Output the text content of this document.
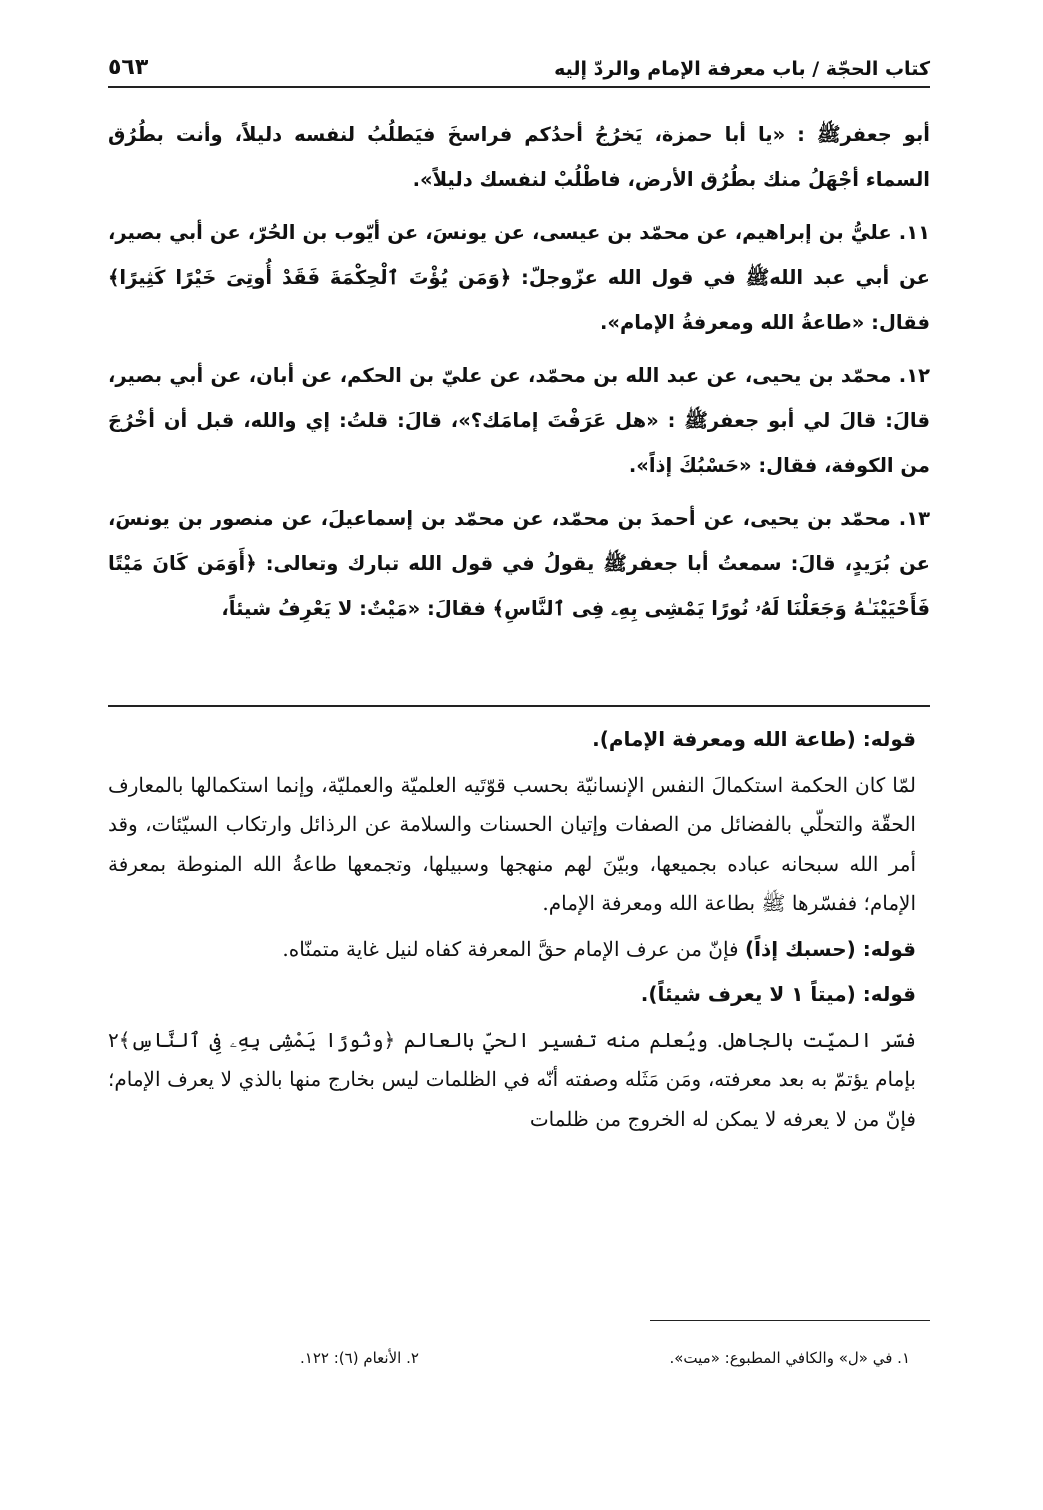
كتاب الحجّة / باب معرفة الإمام والردّ إليه
٥٦٣

أبو جعفرﷺ : «يا أبا حمزة، يَخرُجُ أحدُكم فراسخَ فيَطلُبُ لنفسه دليلاً، وأنت بطُرُق السماء أجْهَلُ منك بطُرُق الأرض، فاطْلُبْ لنفسك دليلاً».

١١. عليُّ بن إبراهيم، عن محمّد بن عيسى، عن يونسَ، عن أيّوب بن الحُرّ، عن أبي بصير، عن أبي عبد اللهﷺ في قول الله عزّوجلّ: ﴿وَمَن يُؤْتَ ٱلْحِكْمَةَ فَقَدْ أُوتِىَ خَيْرًا كَثِيرًا﴾ فقال: «طاعةُ الله ومعرفةُ الإمام».

١٢. محمّد بن يحيى، عن عبد الله بن محمّد، عن عليّ بن الحكم، عن أبان، عن أبي بصير، قالَ: قالَ لي أبو جعفرﷺ : «هل عَرَفْتَ إمامَك؟»، قالَ: قلتُ: إي والله، قبل أن أخْرُجَ من الكوفة، فقال: «حَسْبُكَ إذاً».

١٣. محمّد بن يحيى، عن أحمدَ بن محمّد، عن محمّد بن إسماعيلَ، عن منصور بن يونسَ، عن بُرَيدٍ، قالَ: سمعتُ أبا جعفرﷺ يقولُ في قول الله تبارك وتعالى: ﴿أَوَمَن كَانَ مَيْتًا فَأَحْيَيْنَـٰهُ وَجَعَلْنَا لَهُۥ نُورًا يَمْشِى بِهِۦ فِى ٱلنَّاسِ﴾ فقالَ: «مَيْتٌ: لا يَعْرِفُ شيئاً،

قوله: (طاعة الله ومعرفة الإمام).

لمّا كان الحكمة استكمالَ النفس الإنسانيّة بحسب قوّتَيه العلميّة والعمليّة، وإنما استكمالها بالمعارف الحقّة والتحلّي بالفضائل من الصفات وإتيان الحسنات والسلامة عن الرذائل وارتكاب السيّئات، وقد أمر الله سبحانه عباده بجميعها، وبيّنَ لهم منهجها وسبيلها، وتجمعها طاعةُ الله المنوطة بمعرفة الإمام؛ ففسّرها ﷺ بطاعة الله ومعرفة الإمام.

قوله: (حسبك إذاً) فإنّ من عرف الإمام حقَّ المعرفة كفاه لنيل غاية متمنّاه.

قوله: (ميتاً ١ لا يعرف شيئاً).

فسّر الميّت بالجاهل. ويُعلم منه تفسير الحيّ بالعالم ﴿ونُورًا يَمْشِى بِهِۦ فِى ٱلنَّاسِ﴾٢ بإمام يؤتمّ به بعد معرفته، ومَن مَثَله وصفته أنّه في الظلمات ليس بخارج منها بالذي لا يعرف الإمام؛ فإنّ من لا يعرفه لا يمكن له الخروج من ظلمات

١. في «ل» والكافي المطبوع: «ميت».
٢. الأنعام (٦): ١٢٢.
